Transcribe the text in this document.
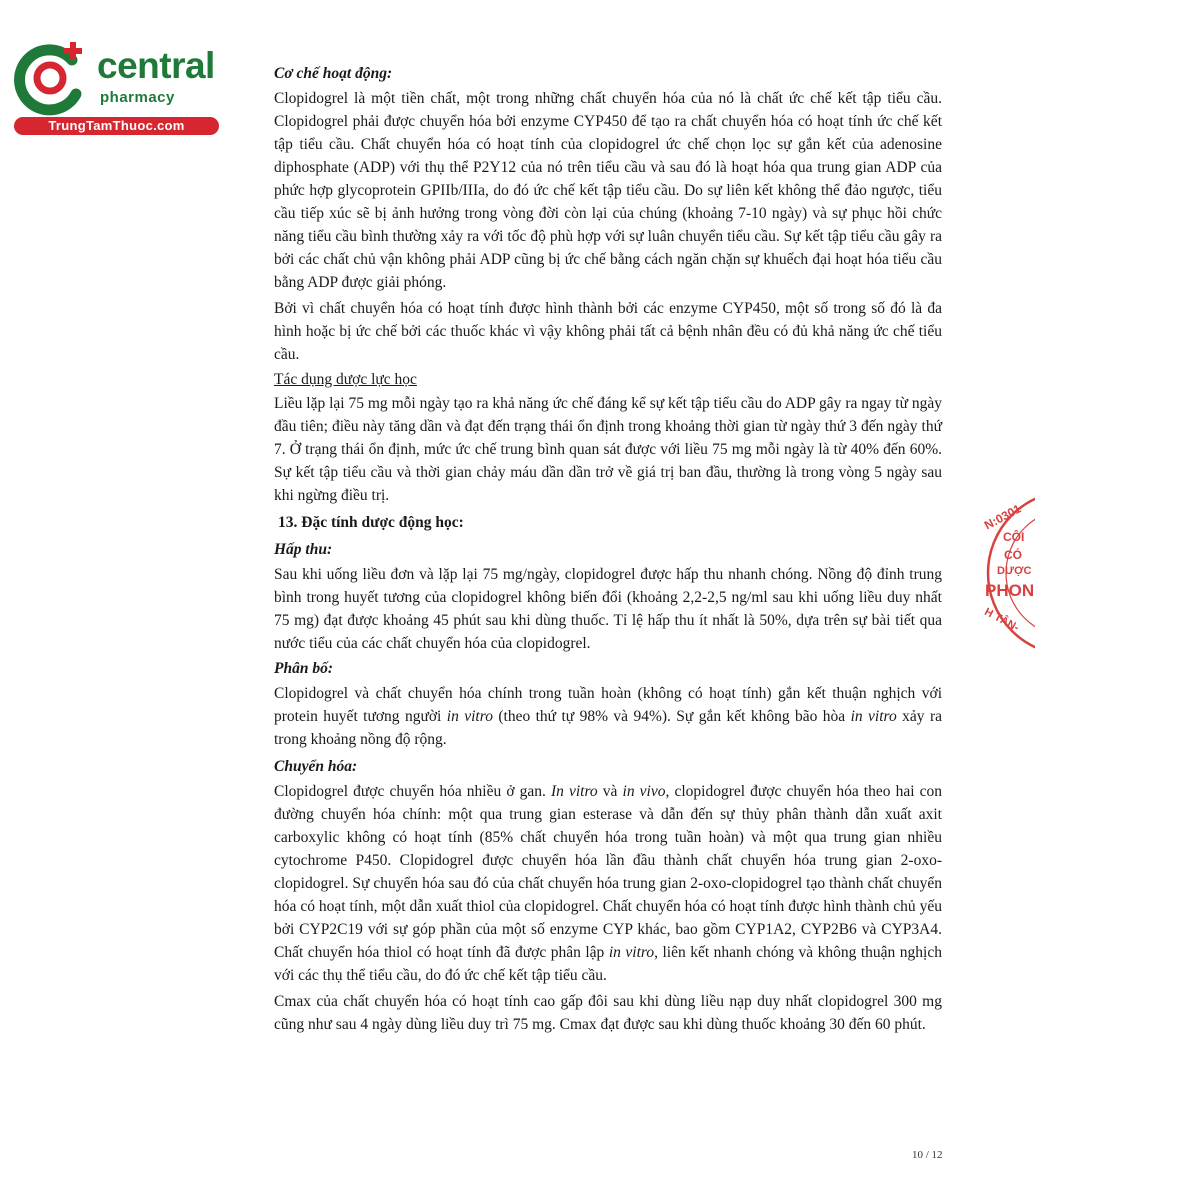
central
pharmacy
TrungTamThuoc.com
Cơ chế hoạt động:

Clopidogrel là một tiền chất, một trong những chất chuyển hóa của nó là chất ức chế kết tập tiểu cầu. Clopidogrel phải được chuyển hóa bởi enzyme CYP450 để tạo ra chất chuyển hóa có hoạt tính ức chế kết tập tiểu cầu. Chất chuyển hóa có hoạt tính của clopidogrel ức chế chọn lọc sự gắn kết của adenosine diphosphate (ADP) với thụ thể P2Y12 của nó trên tiểu cầu và sau đó là hoạt hóa qua trung gian ADP của phức hợp glycoprotein GPIIb/IIIa, do đó ức chế kết tập tiểu cầu. Do sự liên kết không thể đảo ngược, tiểu cầu tiếp xúc sẽ bị ảnh hưởng trong vòng đời còn lại của chúng (khoảng 7-10 ngày) và sự phục hồi chức năng tiểu cầu bình thường xảy ra với tốc độ phù hợp với sự luân chuyển tiểu cầu. Sự kết tập tiểu cầu gây ra bởi các chất chủ vận không phải ADP cũng bị ức chế bằng cách ngăn chặn sự khuếch đại hoạt hóa tiểu cầu bằng ADP được giải phóng.

Bởi vì chất chuyển hóa có hoạt tính được hình thành bởi các enzyme CYP450, một số trong số đó là đa hình hoặc bị ức chế bởi các thuốc khác vì vậy không phải tất cả bệnh nhân đều có đủ khả năng ức chế tiểu cầu.

Tác dụng dược lực học

Liều lặp lại 75 mg mỗi ngày tạo ra khả năng ức chế đáng kể sự kết tập tiểu cầu do ADP gây ra ngay từ ngày đầu tiên; điều này tăng dần và đạt đến trạng thái ổn định trong khoảng thời gian từ ngày thứ 3 đến ngày thứ 7. Ở trạng thái ổn định, mức ức chế trung bình quan sát được với liều 75 mg mỗi ngày là từ 40% đến 60%. Sự kết tập tiểu cầu và thời gian chảy máu dần dần trở về giá trị ban đầu, thường là trong vòng 5 ngày sau khi ngừng điều trị.

13. Đặc tính dược động học:
Hấp thu:

Sau khi uống liều đơn và lặp lại 75 mg/ngày, clopidogrel được hấp thu nhanh chóng. Nồng độ đỉnh trung bình trong huyết tương của clopidogrel không biến đổi (khoảng 2,2-2,5 ng/ml sau khi uống liều duy nhất 75 mg) đạt được khoảng 45 phút sau khi dùng thuốc. Tỉ lệ hấp thu ít nhất là 50%, dựa trên sự bài tiết qua nước tiểu của các chất chuyển hóa của clopidogrel.

Phân bố:

Clopidogrel và chất chuyển hóa chính trong tuần hoàn (không có hoạt tính) gắn kết thuận nghịch với protein huyết tương người in vitro (theo thứ tự 98% và 94%). Sự gắn kết không bão hòa in vitro xảy ra trong khoảng nồng độ rộng.

Chuyển hóa:

Clopidogrel được chuyển hóa nhiều ở gan. In vitro và in vivo, clopidogrel được chuyển hóa theo hai con đường chuyển hóa chính: một qua trung gian esterase và dẫn đến sự thủy phân thành dẫn xuất axit carboxylic không có hoạt tính (85% chất chuyển hóa trong tuần hoàn) và một qua trung gian nhiều cytochrome P450. Clopidogrel được chuyển hóa lần đầu thành chất chuyển hóa trung gian 2-oxo-clopidogrel. Sự chuyển hóa sau đó của chất chuyển hóa trung gian 2-oxo-clopidogrel tạo thành chất chuyển hóa có hoạt tính, một dẫn xuất thiol của clopidogrel. Chất chuyển hóa có hoạt tính được hình thành chủ yếu bởi CYP2C19 với sự góp phần của một số enzyme CYP khác, bao gồm CYP1A2, CYP2B6 và CYP3A4. Chất chuyển hóa thiol có hoạt tính đã được phân lập in vitro, liên kết nhanh chóng và không thuận nghịch với các thụ thể tiểu cầu, do đó ức chế kết tập tiểu cầu.

Cmax của chất chuyển hóa có hoạt tính cao gấp đôi sau khi dùng liều nạp duy nhất clopidogrel 300 mg cũng như sau 4 ngày dùng liều duy trì 75 mg. Cmax đạt được sau khi dùng thuốc khoảng 30 đến 60 phút.

10 / 12
N:0301
CÔI
CÓ
DƯỢC
PHON
H TÂN-
